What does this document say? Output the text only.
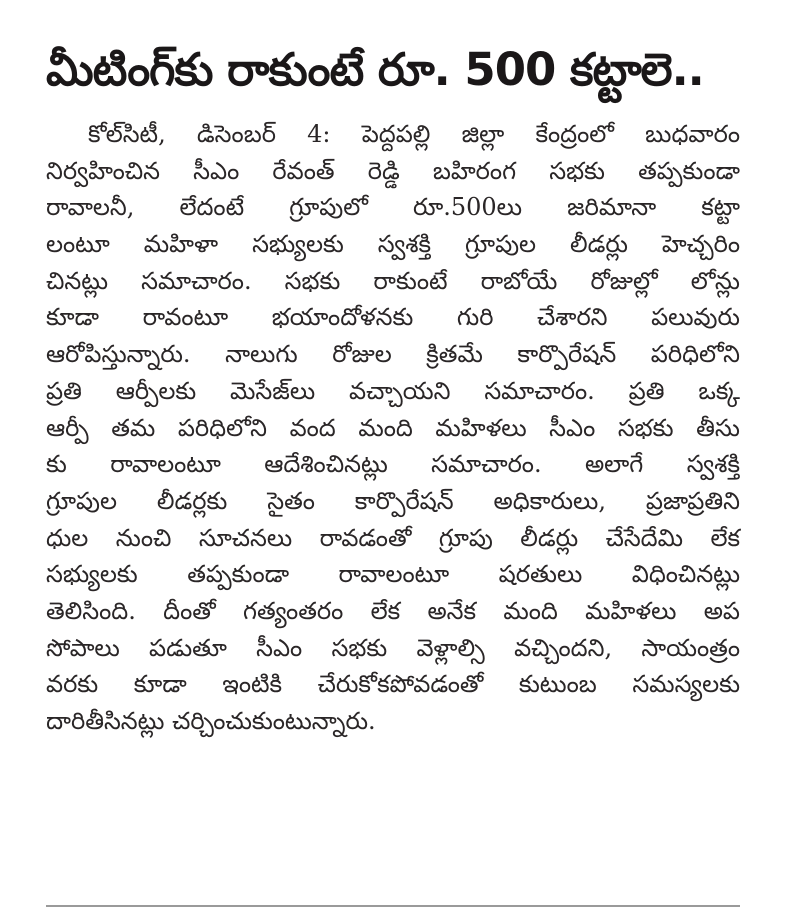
మీటింగ్‌కు రాకుంటే రూ. 500 కట్టాలె..
కోల్‌సిటీ, డిసెంబర్ 4: పెద్దపల్లి జిల్లా కేంద్రంలో బుధవారం
నిర్వహించిన సీఎం రేవంత్ రెడ్డి బహిరంగ సభకు తప్పకుండా
రావాలనీ, లేదంటే గ్రూపులో రూ.500లు జరిమానా కట్టా
లంటూ మహిళా సభ్యులకు స్వశక్తి గ్రూపుల లీడర్లు హెచ్చరిం
చినట్లు సమాచారం. సభకు రాకుంటే రాబోయే రోజుల్లో లోన్లు
కూడా రావంటూ భయాందోళనకు గురి చేశారని పలువురు
ఆరోపిస్తున్నారు. నాలుగు రోజుల క్రితమే కార్పొరేషన్ పరిధిలోని
ప్రతి ఆర్పీలకు మెసేజ్‌లు వచ్చాయని సమాచారం. ప్రతి ఒక్క
ఆర్పీ తమ పరిధిలోని వంద మంది మహిళలు సీఎం సభకు తీసు
కు రావాలంటూ ఆదేశించినట్లు సమాచారం. అలాగే స్వశక్తి
గ్రూపుల లీడర్లకు సైతం కార్పొరేషన్ అధికారులు, ప్రజాప్రతిని
ధుల నుంచి సూచనలు రావడంతో గ్రూపు లీడర్లు చేసేదేమి లేక
సభ్యులకు తప్పకుండా రావాలంటూ షరతులు విధించినట్లు
తెలిసింది. దీంతో గత్యంతరం లేక అనేక మంది మహిళలు అప
సోపాలు పడుతూ సీఎం సభకు వెళ్లాల్సి వచ్చిందని, సాయంత్రం
వరకు కూడా ఇంటికి చేరుకోకపోవడంతో కుటుంబ సమస్యలకు
దారితీసినట్లు చర్చించుకుంటున్నారు.
